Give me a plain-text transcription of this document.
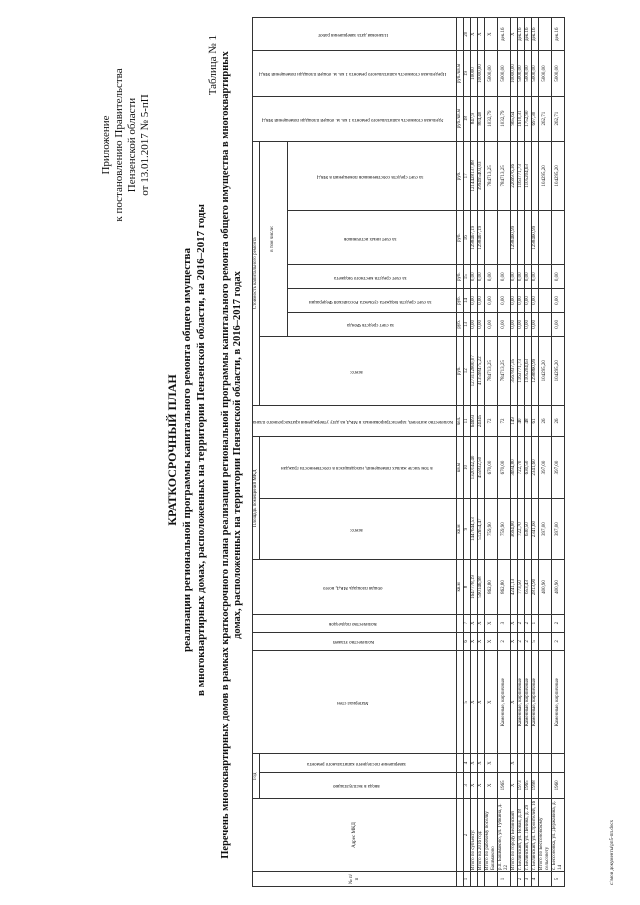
Приложение к постановлению Правительства Пензенской области от 13.01.2017 № 5-пП
КРАТКОСРОЧНЫЙ ПЛАН реализации региональной программы капитального ремонта общего имущества в многоквартирных домах, расположенных на территории Пензенской области, на 2016–2017 годы
Таблица № 1 Перечень многоквартирных домов в рамках краткосрочного плана реализации региональной программы капитального ремонта общего имущества в многоквартирных домах, расположенных на территории Пензенской области, в 2016–2017 годах
№ п/п	Адрес МКД	Год		Материал стен	Количество этажей	Количество подъездов	общая площадь МКД, всего	Площадь помещений МКД		Количество жителей, зарегистрированных в МКД на дату утверждения краткосрочного плана	Стоимость капитального ремонта						Удельная стоимость капитального ремонта 1 кв. м. общей площади помещений МКД	Предельная стоимость капитального ремонта 1 кв. м. общей площади помещений МКД	Плановая дата завершения работ
		ввода в эксплуатацию	завершение последнего капитального ремонта					всего:	в том числе жилых помещений, находящихся в собственности граждан		всего:	в том числе:							
												за счет средств Фонда	за счет средств бюджета субъекта Российской Федерации	за счет средств местного бюджета	за счет иных источников	за счет средств собственников помещений в МКД			

							кв.м	кв.м	кв.м	чел.	руб.	руб.	руб.	руб.	руб.	руб.	руб./кв.м	руб./кв.м	
1	2	3	4	5	6	7	8	9	10	11	12	13	14	15	16	17	18	19	20
	Итого по субъекту:	Х	Х	Х	Х	Х	1647778,19	1447644,53	1320142,40	64693	1273112800,07	0,00	0,00	0,00	1298467,19	1214428137,88	847,9	10000	Х
	Итого на 2016 год:	Х	Х	Х	Х	Х	590146,98	512654,47	455832,50	24345	413598475,22	0,00	0,00	0,00	1298467,19	399495403,03	804,40	10000,00	Х
	Итого по рабочему поселку Башмаково	Х	Х	Х	Х	Х	862,80	759,90	670,00	72	784713,25	0,00	0,00	0,00		784713,25	1032,79	5000,00	Х
1	р.п. Башмаково, ул. Губкина, д. 22	1965		Каменные, кирпичные	2	3	862,80	759,90	670,00	72	784713,25	0,00	0,00	0,00		784713,25	1032,79	5000,00	дек.16
	Итого по городу Белинский	Х	Х	Х	Х	Х	4241,13	3694,80	3694,80	149	3567837,35	0,00	0,00	0,00	1298460,99	2269976,36	965,64	10000,00	Х
2	г. Белинский, ул. Новая, д.18	1973		Каменные, кирпичные	2	2	773,50	722,70	722,70	40	1163771,73	0,00	0,00	0,00		1163771,73	1610,31	5000,00	дек.16
3	г. Белинский, ул. Ленина, д. 29	1965		Каменные, кирпичные	2	2	653,43	630,50	630,50	48	1105204,63	0,00	0,00	0,00		1105204,63	1752,90	5000,00	дек.16
4	г. Белинский, ул. Строителей, 16	1998		Каменные, кирпичные	5	1	2813,90	2341,60	2341,60	61	1298860,99	0,00	0,00	0,00	1298460,99		697,30	5000,00	дек.16
	Итого по Бессоновскому сельсовету						400,90	397,00	397,00	26	104295,20					104295,20	262,71	5000,00	
5	с. Бессоновка, ул. Державина, д. 14	1960		Каменные, кирпичные	2	2	400,90	397,00	397,00	26	104295,20	0,00	0,00	0,00		104295,20	262,71	5000,00	дек.16
c:\мои документы\рп5-пп.docx
